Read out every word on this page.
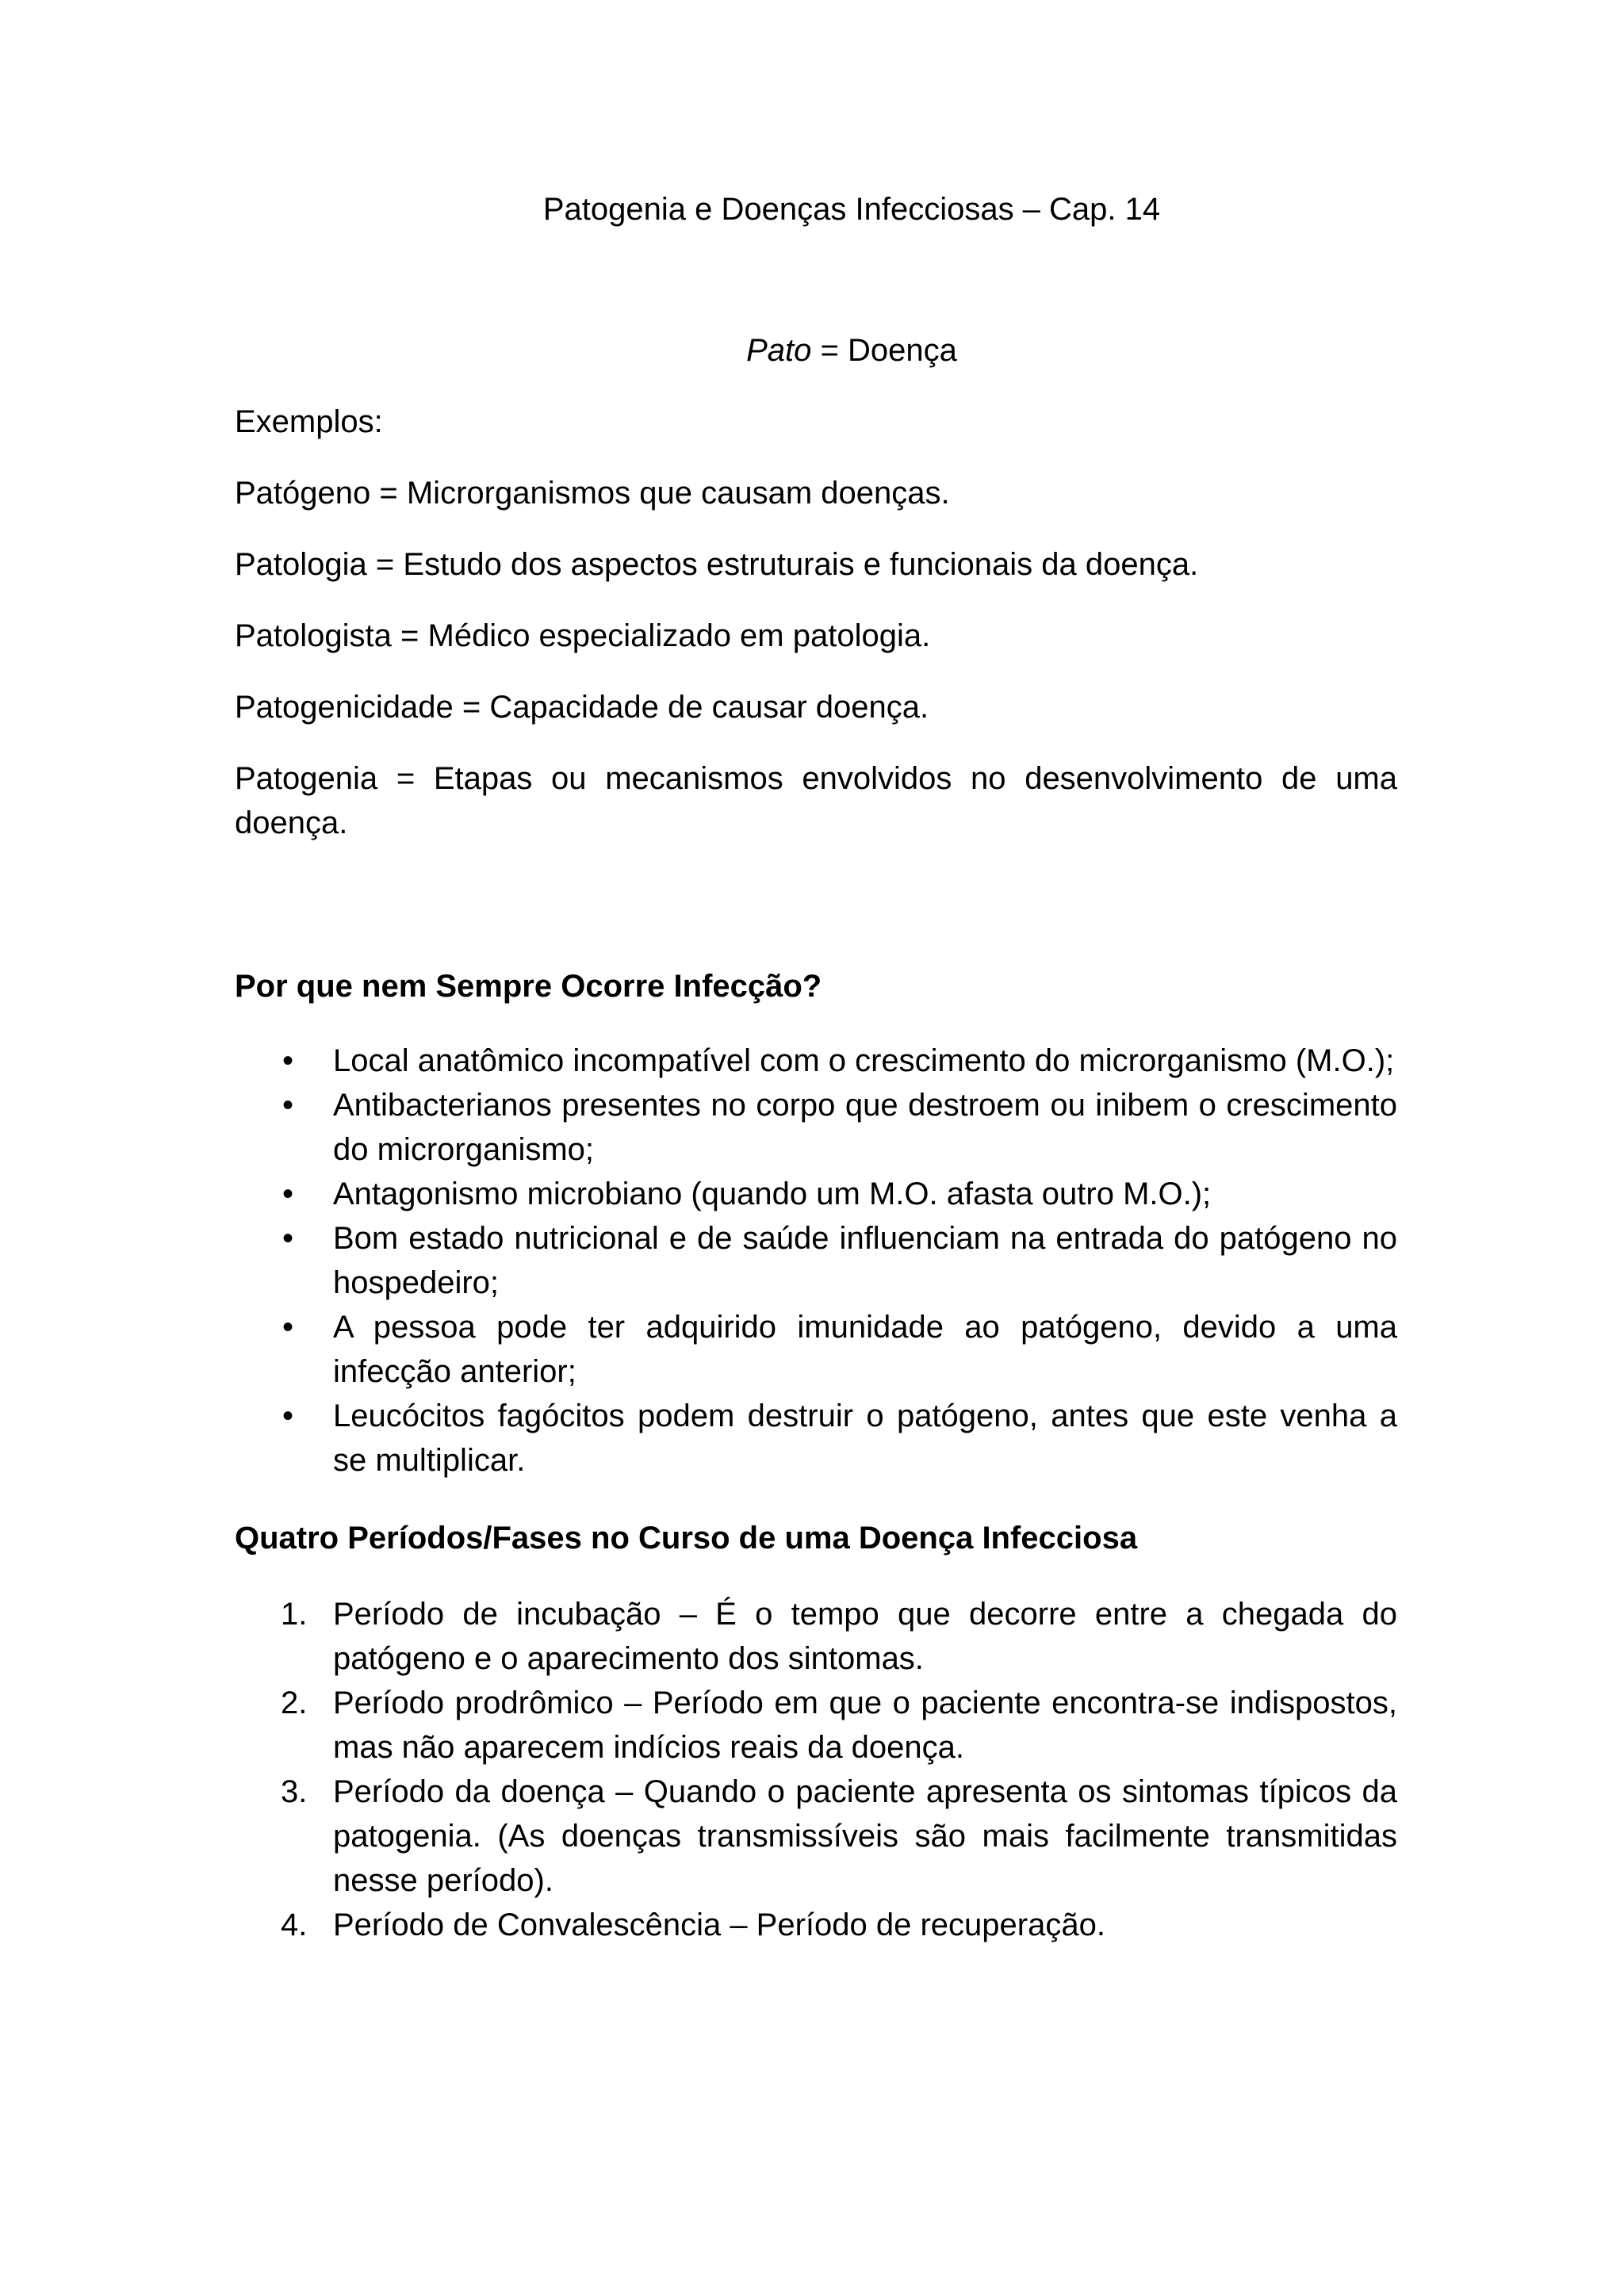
Patogenia e Doenças Infecciosas – Cap. 14
Pato = Doença
Exemplos:
Patógeno = Microrganismos que causam doenças.
Patologia = Estudo dos aspectos estruturais e funcionais da doença.
Patologista = Médico especializado em patologia.
Patogenicidade = Capacidade de causar doença.
Patogenia = Etapas ou mecanismos envolvidos no desenvolvimento de uma doença.
Por que nem Sempre Ocorre Infecção?
• Local anatômico incompatível com o crescimento do microrganismo (M.O.);
• Antibacterianos presentes no corpo que destroem ou inibem o crescimento do microrganismo;
• Antagonismo microbiano (quando um M.O. afasta outro M.O.);
• Bom estado nutricional e de saúde influenciam na entrada do patógeno no hospedeiro;
• A pessoa pode ter adquirido imunidade ao patógeno, devido a uma infecção anterior;
• Leucócitos fagócitos podem destruir o patógeno, antes que este venha a se multiplicar.
Quatro Períodos/Fases no Curso de uma Doença Infecciosa
1. Período de incubação – É o tempo que decorre entre a chegada do patógeno e o aparecimento dos sintomas.
2. Período prodrômico – Período em que o paciente encontra-se indispostos, mas não aparecem indícios reais da doença.
3. Período da doença – Quando o paciente apresenta os sintomas típicos da patogenia. (As doenças transmissíveis são mais facilmente transmitidas nesse período).
4. Período de Convalescência – Período de recuperação.
